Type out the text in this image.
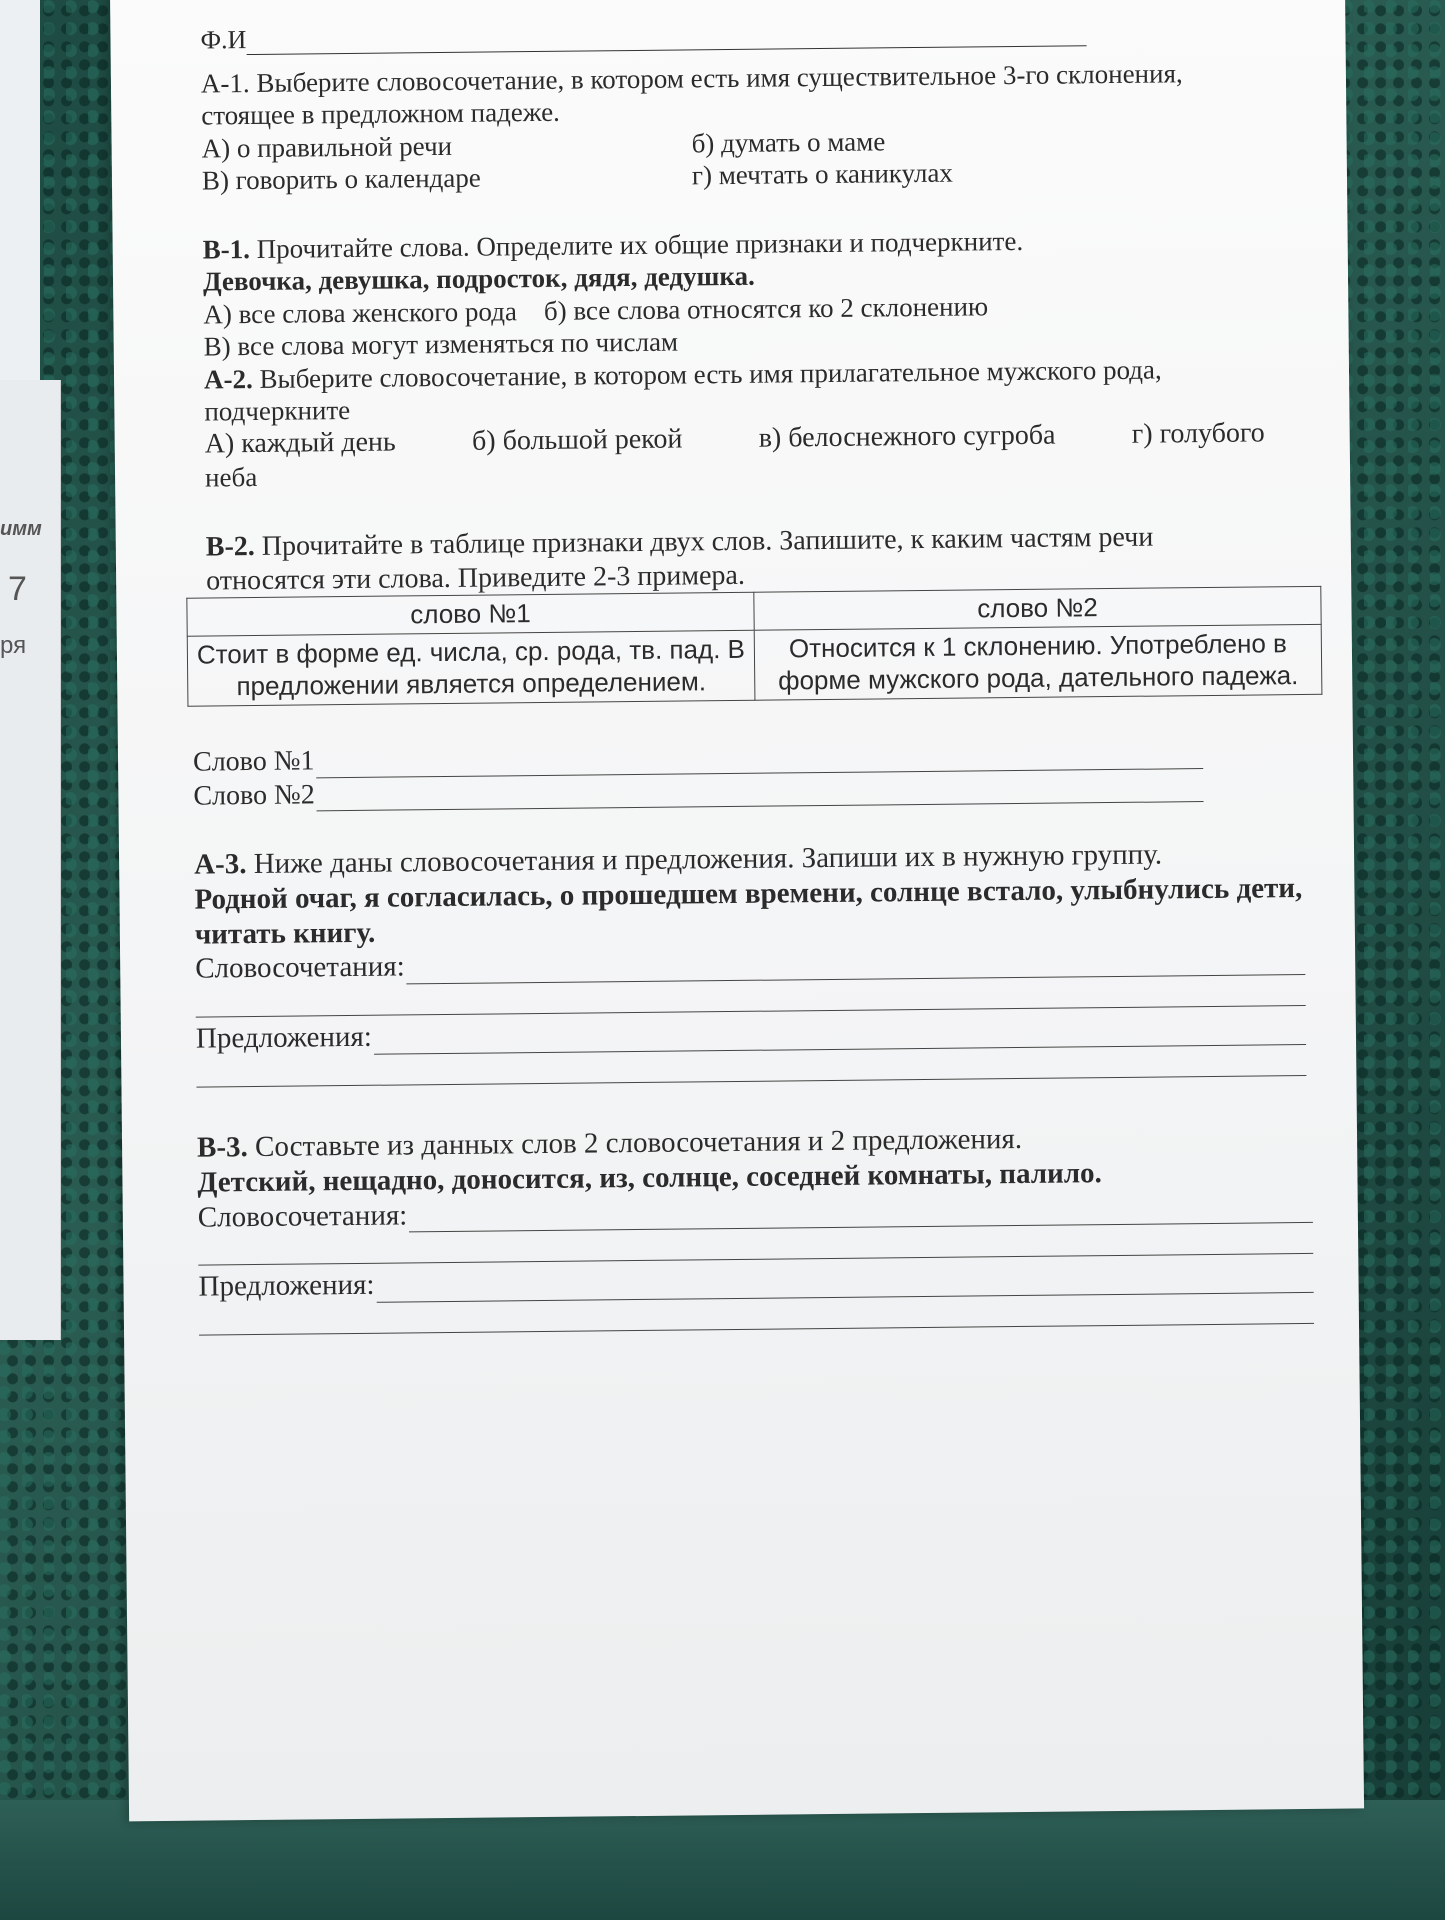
имм
7
ря
Ф.И
А-1. Выберите словосочетание, в котором есть имя существительное 3-го склонения, стоящее в предложном падеже.
А) о правильной речи	б) думать о маме
В) говорить о календаре	г) мечтать о каникулах
В-1. Прочитайте слова. Определите их общие признаки и подчеркните.
Девочка, девушка, подросток, дядя, дедушка.
А) все слова женского рода б) все слова относятся ко 2 склонению
В) все слова могут изменяться по числам
А-2. Выберите словосочетание, в котором есть имя прилагательное мужского рода, подчеркните
А) каждый день	б) большой рекой	в) белоснежного сугроба	г) голубого
неба
В-2. Прочитайте в таблице признаки двух слов. Запишите, к каким частям речи относятся эти слова. Приведите 2-3 примера.
слово №1	слово №2
Стоит в форме ед. числа, ср. рода, тв. пад. В предложении является определением.	Относится к 1 склонению. Употреблено в форме мужского рода, дательного падежа.
Слово №1
Слово №2
А-3. Ниже даны словосочетания и предложения. Запиши их в нужную группу.
Родной очаг, я согласилась, о прошедшем времени, солнце встало, улыбнулись дети, читать книгу.
Словосочетания:
Предложения:
В-3. Составьте из данных слов 2 словосочетания и 2 предложения.
Детский, нещадно, доносится, из, солнце, соседней комнаты, палило.
Словосочетания:
Предложения:
